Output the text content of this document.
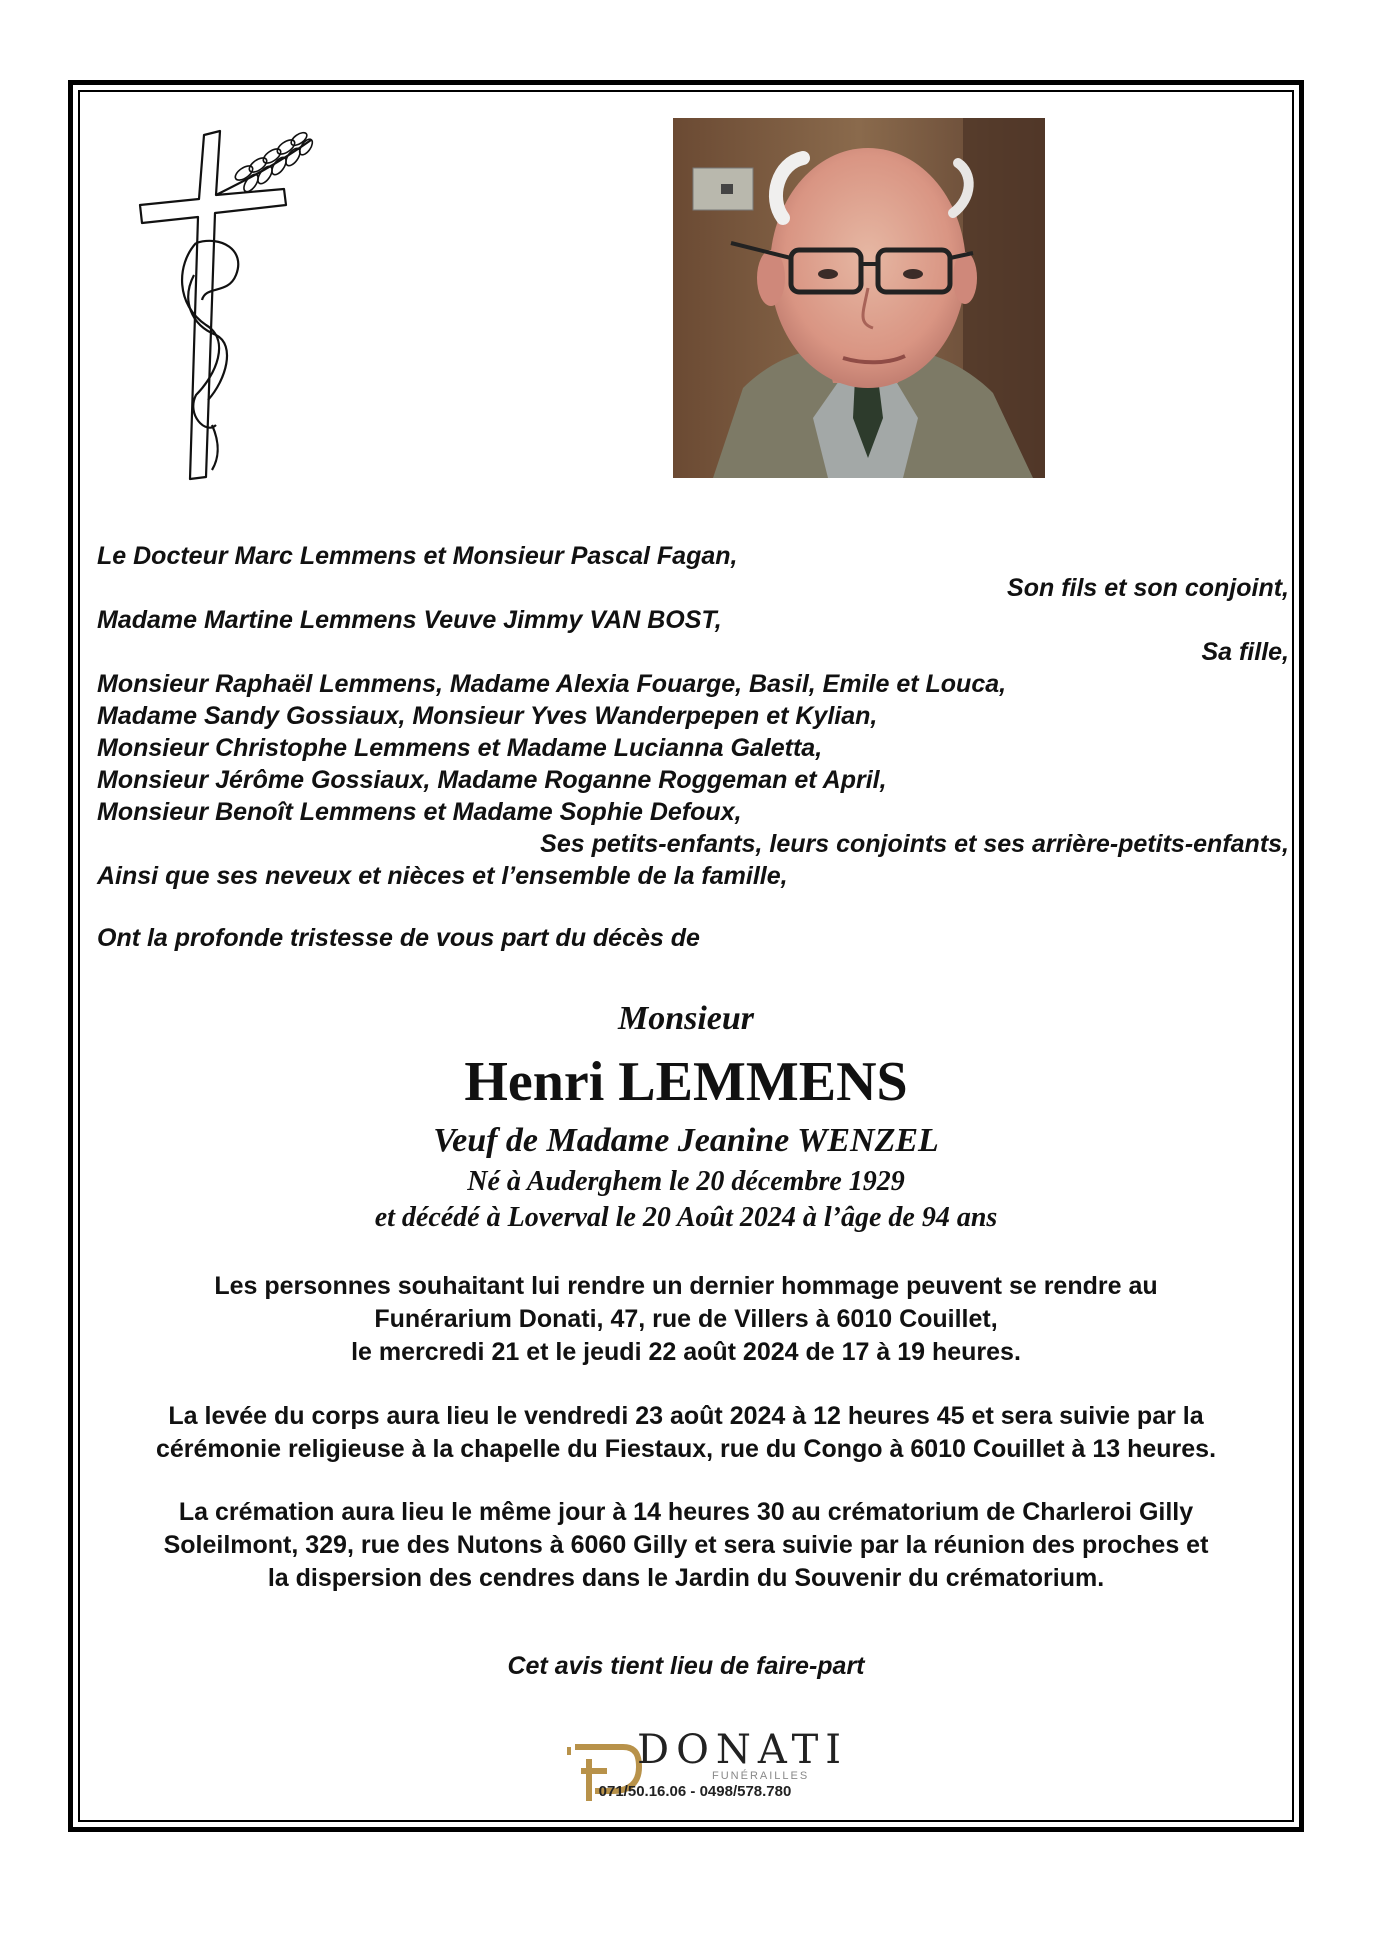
Le Docteur Marc Lemmens et Monsieur Pascal Fagan,
Son fils et son conjoint,
Madame Martine Lemmens Veuve Jimmy VAN BOST,
Sa fille,
Monsieur Raphaël Lemmens, Madame Alexia Fouarge, Basil, Emile et Louca,
Madame Sandy Gossiaux, Monsieur Yves Wanderpepen et Kylian,
Monsieur Christophe Lemmens et Madame Lucianna Galetta,
Monsieur Jérôme Gossiaux, Madame Roganne Roggeman et April,
Monsieur Benoît Lemmens et Madame Sophie Defoux,
Ses petits-enfants, leurs conjoints et ses arrière-petits-enfants,
Ainsi que ses neveux et nièces et l’ensemble de la famille,
Ont la profonde tristesse de vous part du décès de
Monsieur
Henri LEMMENS
Veuf de Madame Jeanine WENZEL
Né à Auderghem le 20 décembre 1929
et décédé à Loverval le 20 Août 2024 à l’âge de 94 ans
Les personnes souhaitant lui rendre un dernier hommage peuvent se rendre au
Funérarium Donati, 47, rue de Villers à 6010 Couillet,
le mercredi 21 et le jeudi 22 août 2024 de 17 à 19 heures.
La levée du corps aura lieu le vendredi 23 août 2024 à 12 heures 45 et sera suivie par la
cérémonie religieuse à la chapelle du Fiestaux, rue du Congo à 6010 Couillet à 13 heures.
La crémation aura lieu le même jour à 14 heures 30 au crématorium de Charleroi Gilly
Soleilmont, 329, rue des Nutons à 6060 Gilly et sera suivie par la réunion des proches et
la dispersion des cendres dans le Jardin du Souvenir du crématorium.
Cet avis tient lieu de faire-part
DONATI
FUNÉRAILLES
071/50.16.06 - 0498/578.780
